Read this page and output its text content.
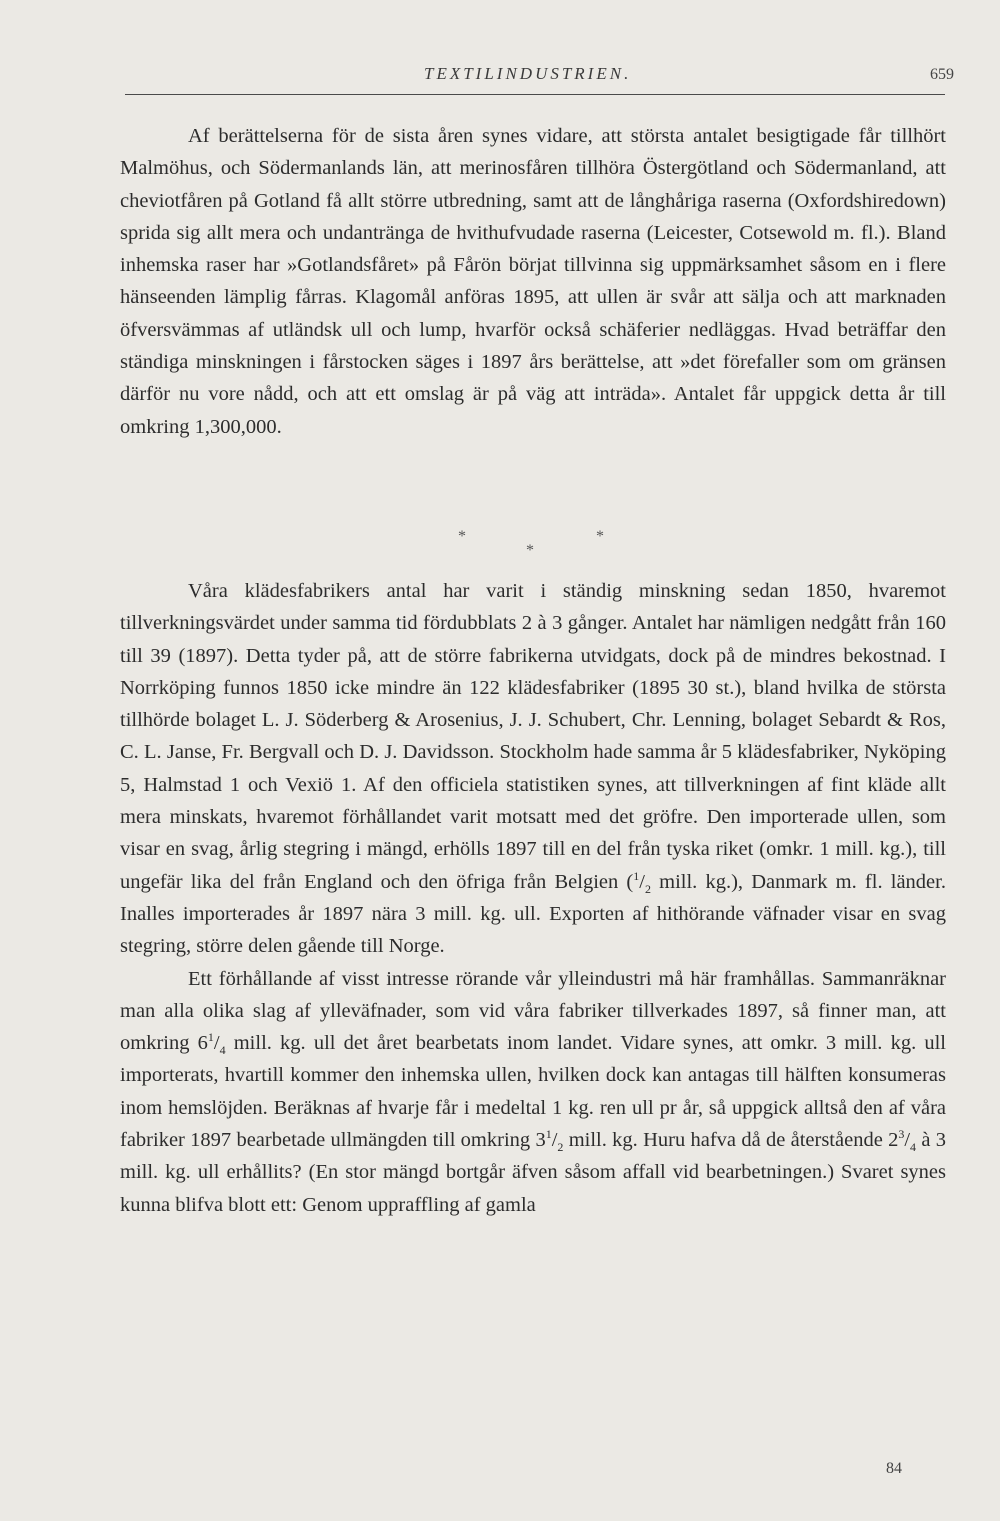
TEXTILINDUSTRIEN.	659

Af berättelserna för de sista åren synes vidare, att största antalet besigtigade får tillhört Malmöhus, och Södermanlands län, att merinosfåren tillhöra Östergötland och Södermanland, att cheviotfåren på Gotland få allt större utbredning, samt att de långhåriga raserna (Oxfordshiredown) sprida sig allt mera och undantränga de hvithufvudade raserna (Leicester, Cotsewold m. fl.). Bland inhemska raser har »Gotlandsfåret» på Fårön börjat tillvinna sig uppmärksamhet såsom en i flere hänseenden lämplig fårras. Klagomål anföras 1895, att ullen är svår att sälja och att marknaden öfversvämmas af utländsk ull och lump, hvarför också schäferier nedläggas. Hvad beträffar den ständiga minskningen i fårstocken säges i 1897 års berättelse, att »det förefaller som om gränsen därför nu vore nådd, och att ett omslag är på väg att inträda». Antalet får uppgick detta år till omkring 1,300,000.

*	*
*

Våra klädesfabrikers antal har varit i ständig minskning sedan 1850, hvaremot tillverkningsvärdet under samma tid fördubblats 2 à 3 gånger. Antalet har nämligen nedgått från 160 till 39 (1897). Detta tyder på, att de större fabrikerna utvidgats, dock på de mindres bekostnad. I Norrköping funnos 1850 icke mindre än 122 klädesfabriker (1895 30 st.), bland hvilka de största tillhörde bolaget L. J. Söderberg & Arosenius, J. J. Schubert, Chr. Lenning, bolaget Sebardt & Ros, C. L. Janse, Fr. Bergvall och D. J. Davidsson. Stockholm hade samma år 5 klädesfabriker, Nyköping 5, Halmstad 1 och Vexiö 1. Af den officiela statistiken synes, att tillverkningen af fint kläde allt mera minskats, hvaremot förhållandet varit motsatt med det gröfre. Den importerade ullen, som visar en svag, årlig stegring i mängd, erhölls 1897 till en del från tyska riket (omkr. 1 mill. kg.), till ungefär lika del från England och den öfriga från Belgien ($^1/_2$ mill. kg.), Danmark m. fl. länder. Inalles importerades år 1897 nära 3 mill. kg. ull. Exporten af hithörande väfnader visar en svag stegring, större delen gående till Norge.

Ett förhållande af visst intresse rörande vår ylleindustri må här framhållas. Sammanräknar man alla olika slag af ylleväfnader, som vid våra fabriker tillverkades 1897, så finner man, att omkring $6^1/_4$ mill. kg. ull det året bearbetats inom landet. Vidare synes, att omkr. 3 mill. kg. ull importerats, hvartill kommer den inhemska ullen, hvilken dock kan antagas till hälften konsumeras inom hemslöjden. Beräknas af hvarje får i medeltal 1 kg. ren ull pr år, så uppgick alltså den af våra fabriker 1897 bearbetade ullmängden till omkring $3^1/_2$ mill. kg. Huru hafva då de återstående $2^3/_4$ à 3 mill. kg. ull erhållits? (En stor mängd bortgår äfven såsom affall vid bearbetningen.) Svaret synes kunna blifva blott ett: Genom uppraffling af gamla

84
